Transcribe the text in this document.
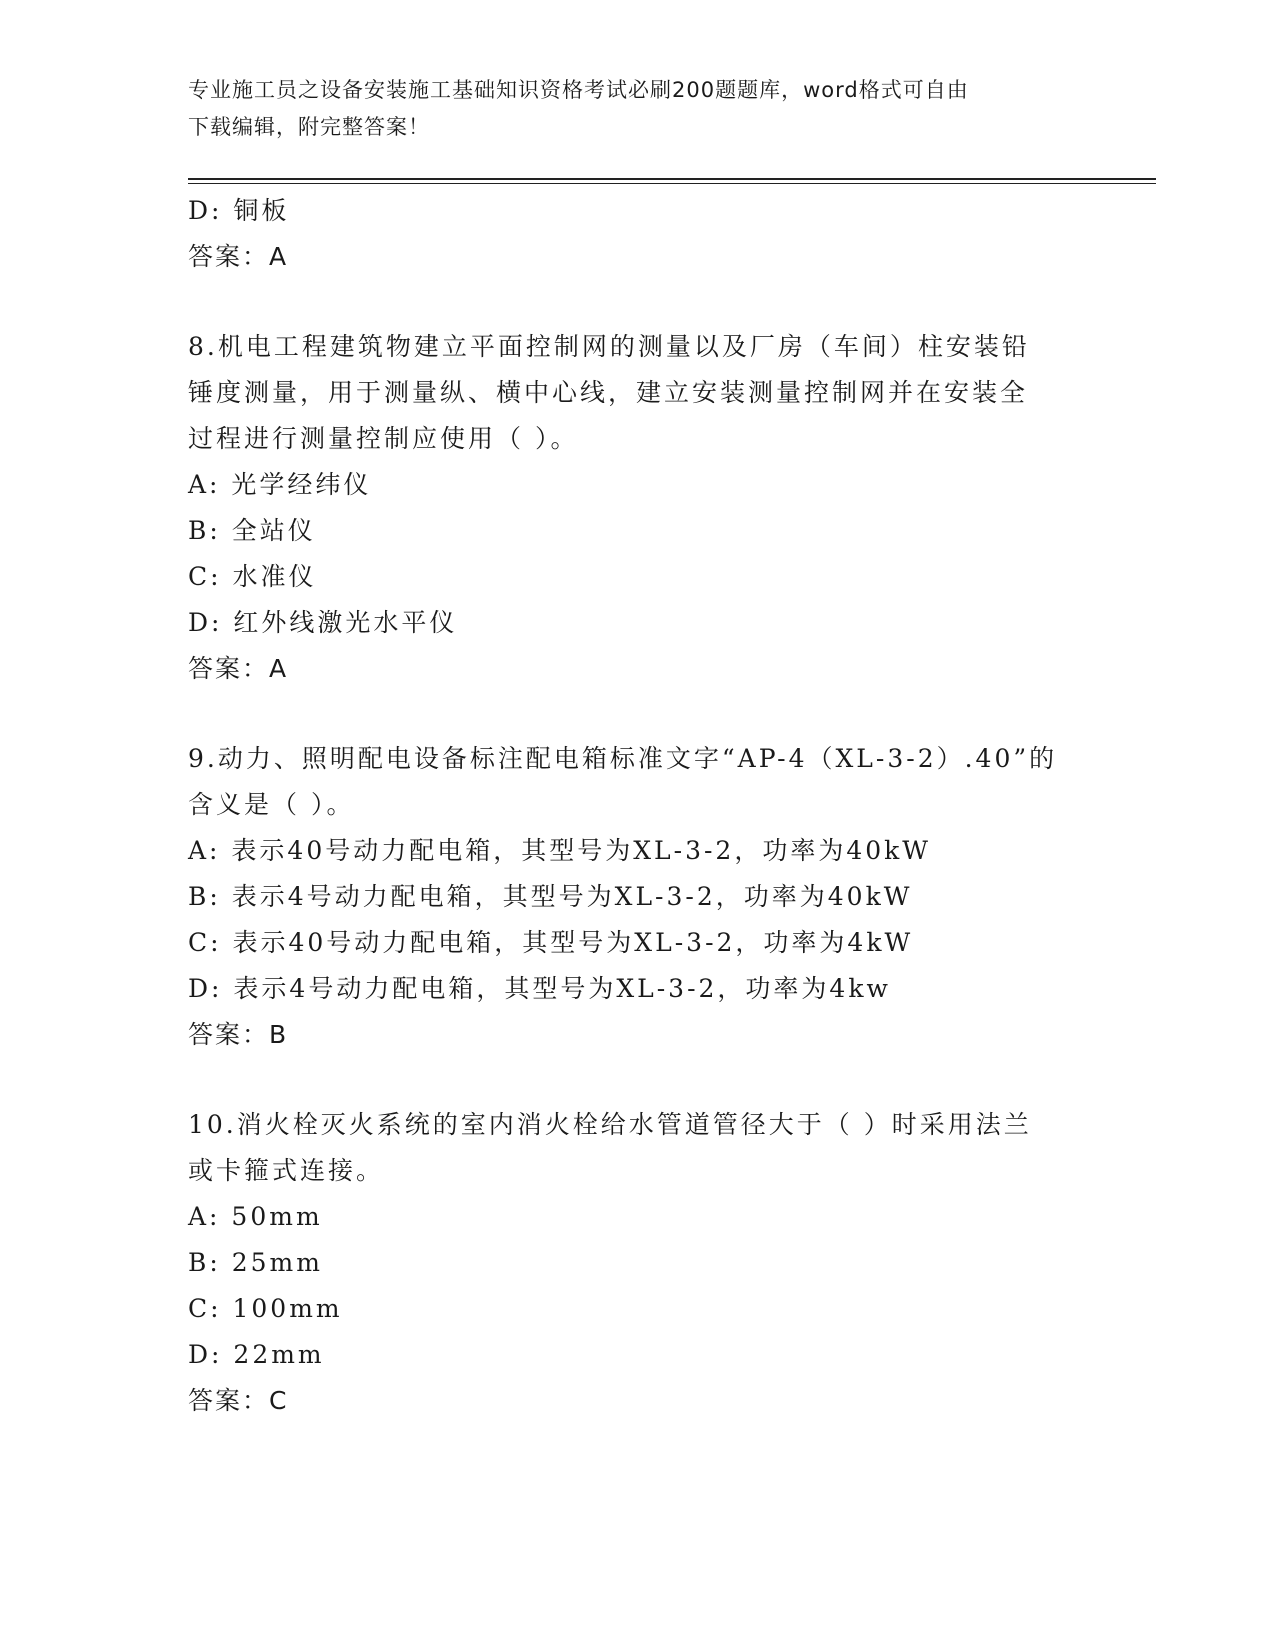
专业施工员之设备安装施工基础知识资格考试必刷200题题库，word格式可自由
下载编辑，附完整答案！
D: 铜板
答案：A
8.机电工程建筑物建立平面控制网的测量以及厂房（车间）柱安装铅
锤度测量，用于测量纵、横中心线，建立安装测量控制网并在安装全
过程进行测量控制应使用（ ）。
A: 光学经纬仪
B: 全站仪
C: 水准仪
D: 红外线激光水平仪
答案：A
9.动力、照明配电设备标注配电箱标准文字“AP-4（XL-3-2）.40”的
含义是（ ）。
A: 表示40号动力配电箱，其型号为XL-3-2，功率为40kW
B: 表示4号动力配电箱，其型号为XL-3-2，功率为40kW
C: 表示40号动力配电箱，其型号为XL-3-2，功率为4kW
D: 表示4号动力配电箱，其型号为XL-3-2，功率为4kw
答案：B
10.消火栓灭火系统的室内消火栓给水管道管径大于（ ）时采用法兰
或卡箍式连接。
A: 50mm
B: 25mm
C: 100mm
D: 22mm
答案：C
